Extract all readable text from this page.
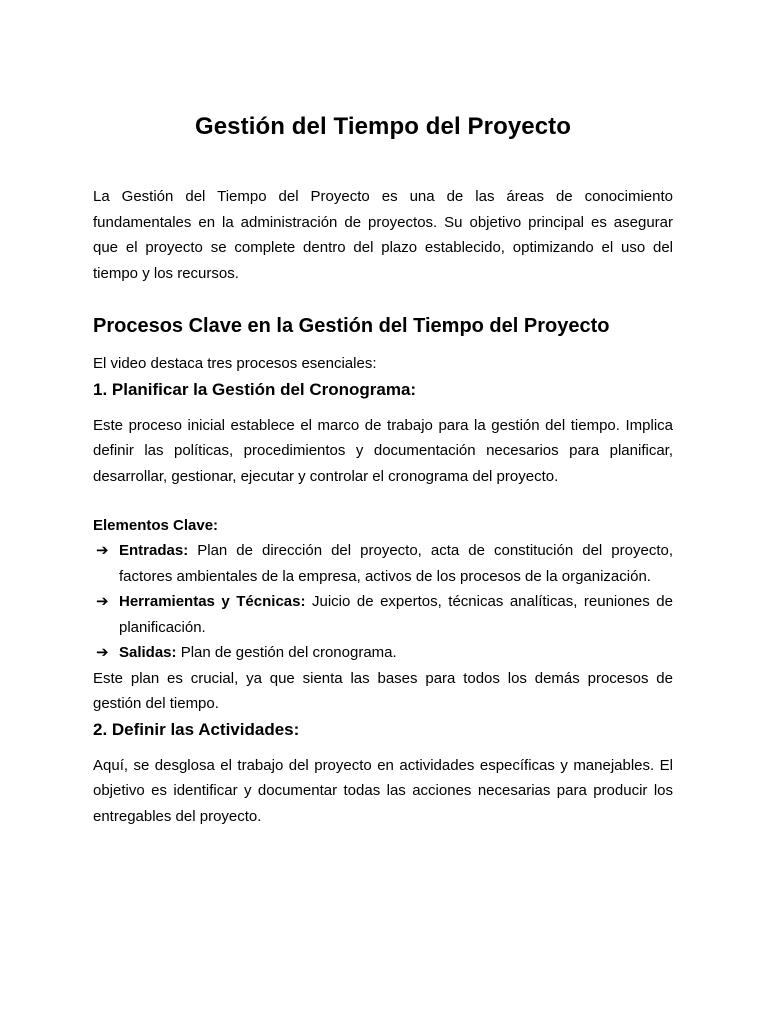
Gestión del Tiempo del Proyecto

La Gestión del Tiempo del Proyecto es una de las áreas de conocimiento fundamentales en la administración de proyectos. Su objetivo principal es asegurar que el proyecto se complete dentro del plazo establecido, optimizando el uso del tiempo y los recursos.

Procesos Clave en la Gestión del Tiempo del Proyecto

El video destaca tres procesos esenciales:

1. Planificar la Gestión del Cronograma:

Este proceso inicial establece el marco de trabajo para la gestión del tiempo. Implica definir las políticas, procedimientos y documentación necesarios para planificar, desarrollar, gestionar, ejecutar y controlar el cronograma del proyecto.

Elementos Clave:
➔ Entradas: Plan de dirección del proyecto, acta de constitución del proyecto, factores ambientales de la empresa, activos de los procesos de la organización.
➔ Herramientas y Técnicas: Juicio de expertos, técnicas analíticas, reuniones de planificación.
➔ Salidas: Plan de gestión del cronograma.

Este plan es crucial, ya que sienta las bases para todos los demás procesos de gestión del tiempo.

2. Definir las Actividades:

Aquí, se desglosa el trabajo del proyecto en actividades específicas y manejables. El objetivo es identificar y documentar todas las acciones necesarias para producir los entregables del proyecto.
